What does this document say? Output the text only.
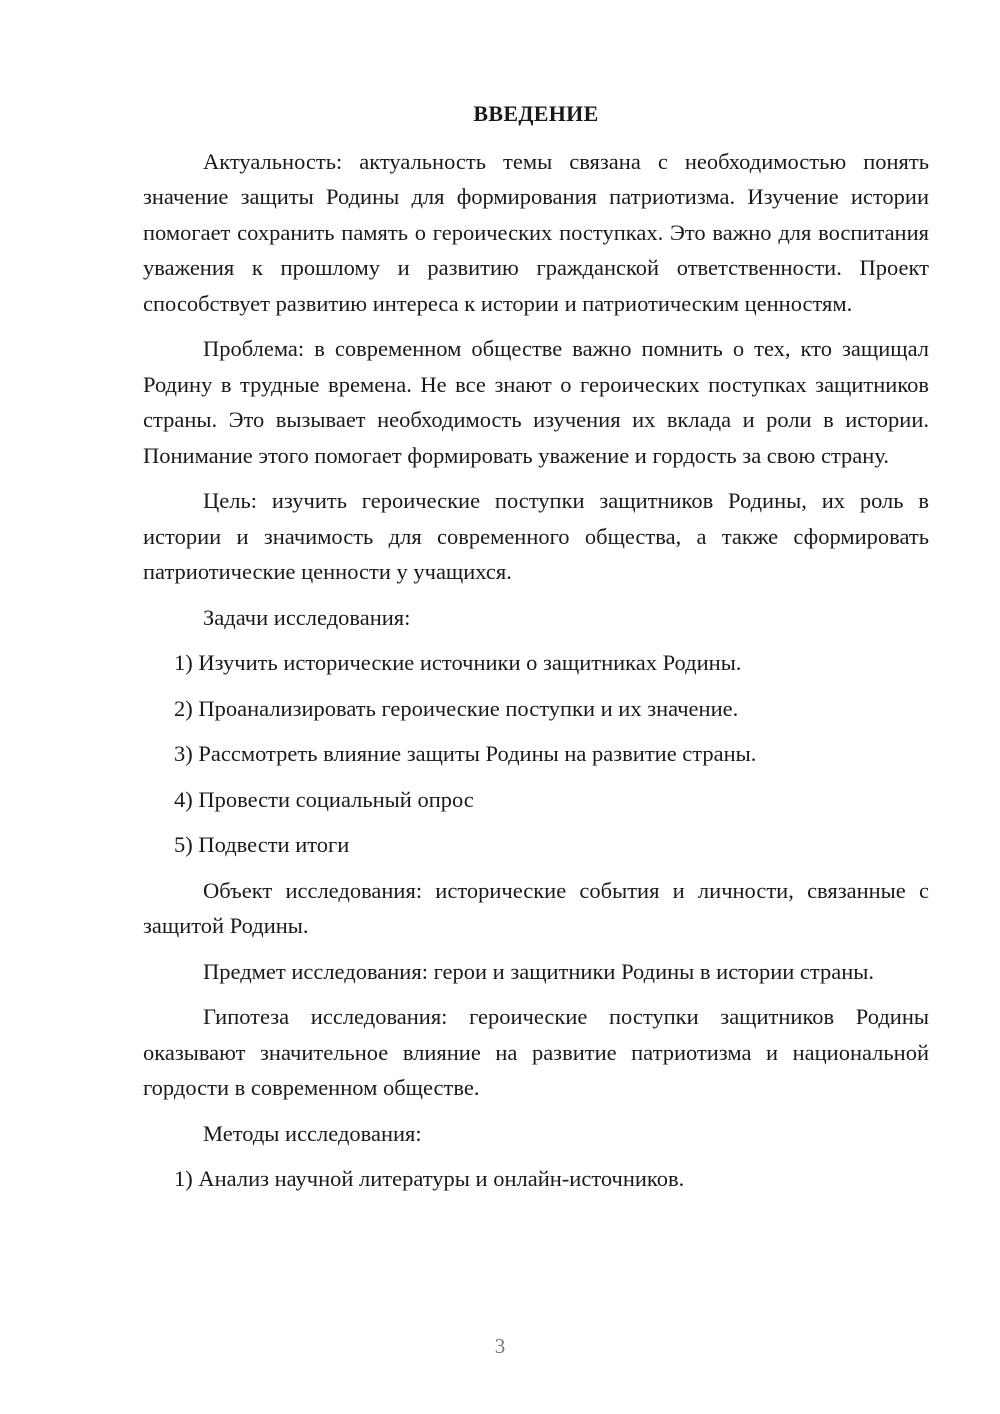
ВВЕДЕНИЕ

Актуальность: актуальность темы связана с необходимостью понять значение защиты Родины для формирования патриотизма. Изучение истории помогает сохранить память о героических поступках. Это важно для воспитания уважения к прошлому и развитию гражданской ответственности. Проект способствует развитию интереса к истории и патриотическим ценностям.

Проблема: в современном обществе важно помнить о тех, кто защищал Родину в трудные времена. Не все знают о героических поступках защитников страны. Это вызывает необходимость изучения их вклада и роли в истории. Понимание этого помогает формировать уважение и гордость за свою страну.

Цель: изучить героические поступки защитников Родины, их роль в истории и значимость для современного общества, а также сформировать патриотические ценности у учащихся.

Задачи исследования:

1) Изучить исторические источники о защитниках Родины.

2) Проанализировать героические поступки и их значение.

3) Рассмотреть влияние защиты Родины на развитие страны.

4) Провести социальный опрос

5) Подвести итоги

Объект исследования: исторические события и личности, связанные с защитой Родины.

Предмет исследования: герои и защитники Родины в истории страны.

Гипотеза исследования: героические поступки защитников Родины оказывают значительное влияние на развитие патриотизма и национальной гордости в современном обществе.

Методы исследования:

1) Анализ научной литературы и онлайн-источников.

3
